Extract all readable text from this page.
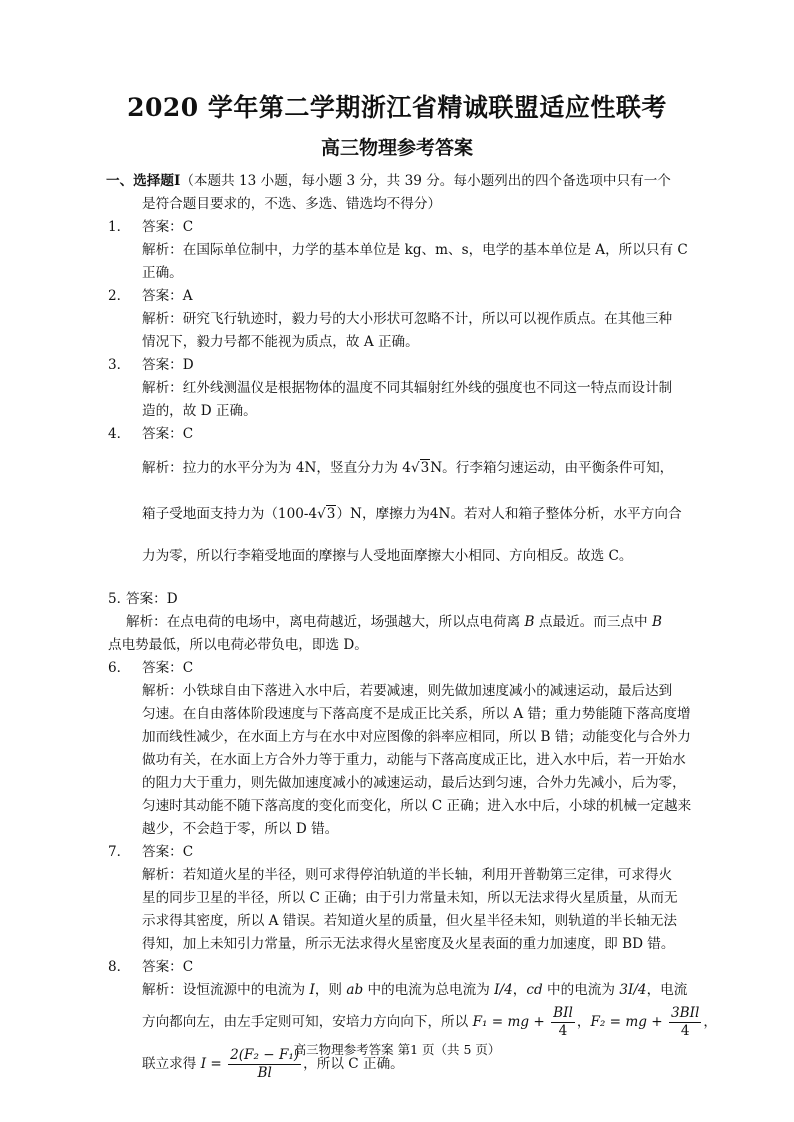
2020 学年第二学期浙江省精诚联盟适应性联考
高三物理参考答案
一、选择题Ⅰ（本题共 13 小题，每小题 3 分，共 39 分。每小题列出的四个备选项中只有一个
是符合题目要求的，不选、多选、错选均不得分）
1． 答案：C
解析：在国际单位制中，力学的基本单位是 kg、m、s，电学的基本单位是 A，所以只有 C
正确。
2． 答案：A
解析：研究飞行轨迹时，毅力号的大小形状可忽略不计，所以可以视作质点。在其他三种
情况下，毅力号都不能视为质点，故 A 正确。
3． 答案：D
解析：红外线测温仪是根据物体的温度不同其辐射红外线的强度也不同这一特点而设计制
造的，故 D 正确。
4． 答案：C
解析：拉力的水平分为为 4N，竖直分力为 4√3N。行李箱匀速运动，由平衡条件可知，
箱子受地面支持力为（100-4√3）N，摩擦力为4N。若对人和箱子整体分析，水平方向合
力为零，所以行李箱受地面的摩擦与人受地面摩擦大小相同、方向相反。故选 C。
5．答案：D
解析：在点电荷的电场中，离电荷越近，场强越大，所以点电荷离 B 点最近。而三点中 B
点电势最低，所以电荷必带负电，即选 D。
6． 答案：C
解析：小铁球自由下落进入水中后，若要减速，则先做加速度减小的减速运动，最后达到
匀速。在自由落体阶段速度与下落高度不是成正比关系，所以 A 错；重力势能随下落高度增
加而线性减少，在水面上方与在水中对应图像的斜率应相同，所以 B 错；动能变化与合外力
做功有关，在水面上方合外力等于重力，动能与下落高度成正比，进入水中后，若一开始水
的阻力大于重力，则先做加速度减小的减速运动，最后达到匀速，合外力先减小，后为零，
匀速时其动能不随下落高度的变化而变化，所以 C 正确；进入水中后，小球的机械一定越来
越少，不会趋于零，所以 D 错。
7． 答案：C
解析：若知道火星的半径，则可求得停泊轨道的半长轴，利用开普勒第三定律，可求得火
星的同步卫星的半径，所以 C 正确；由于引力常量未知，所以无法求得火星质量，从而无
示求得其密度，所以 A 错误。若知道火星的质量，但火星半径未知，则轨道的半长轴无法
得知，加上未知引力常量，所示无法求得火星密度及火星表面的重力加速度，即 BD 错。
8． 答案：C
解析：设恒流源中的电流为 I，则 ab 中的电流为总电流为 I/4，cd 中的电流为 3I/4，电流
方向都向左，由左手定则可知，安培力方向向下，所以 F₁ = mg + $\frac{\text{BIl}}{4}$ ，F₂ = mg + $\frac{\text{3BIl}}{4}$ ，
联立求得 $I = \frac{\text{2(F₂ − F₁)}}{Bl}$ ，所以 C 正确。
高三物理参考答案 第1 页（共 5 页）
